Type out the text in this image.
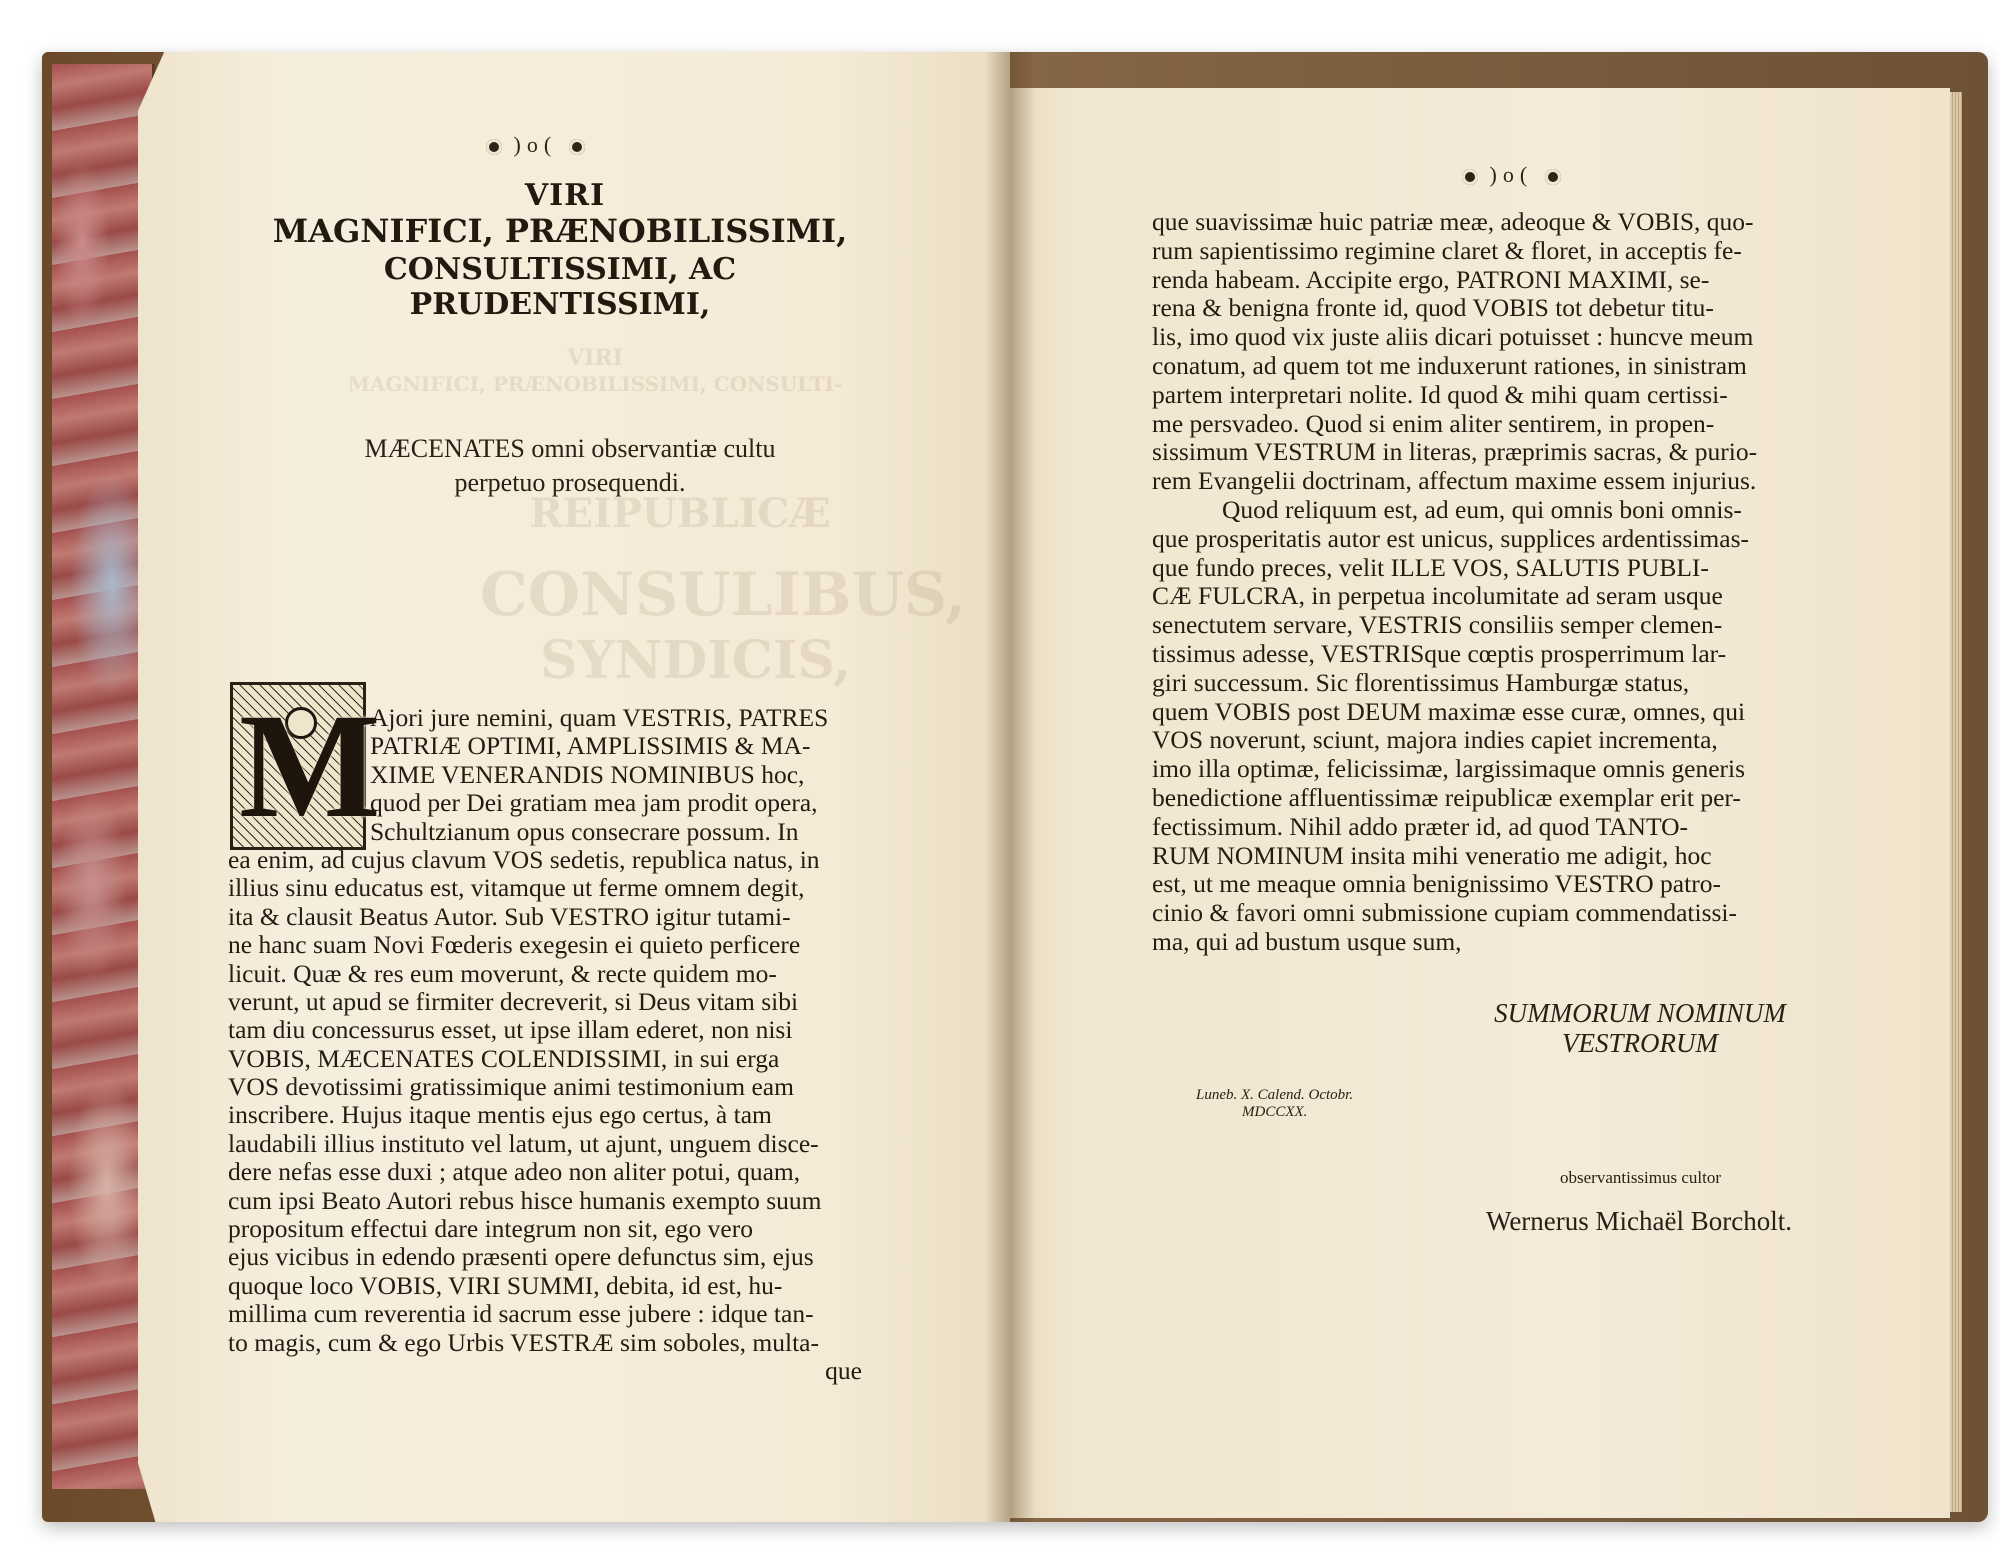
VIRI
MAGNIFICI, PRÆNOBILISSIMI, CONSULTI-
REIPUBLICÆ
CONSULIBUS,
SYNDICIS,
)o(
VIRI
MAGNIFICI, PRÆNOBILISSIMI,
CONSULTISSIMI, AC PRUDENTISSIMI,
MÆCENATES omni observantiæ cultu
perpetuo prosequendi.
M
Ajori jure nemini, quam VESTRIS, PATRES
PATRIÆ OPTIMI, AMPLISSIMIS & MA-
XIME VENERANDIS NOMINIBUS hoc,
quod per Dei gratiam mea jam prodit opera,
Schultzianum opus consecrare possum. In
ea enim, ad cujus clavum VOS sedetis, republica natus, in
illius sinu educatus est, vitamque ut ferme omnem degit,
ita & clausit Beatus Autor. Sub VESTRO igitur tutami-
ne hanc suam Novi Fœderis exegesin ei quieto perficere
licuit. Quæ & res eum moverunt, & recte quidem mo-
verunt, ut apud se firmiter decreverit, si Deus vitam sibi
tam diu concessurus esset, ut ipse illam ederet, non nisi
VOBIS, MÆCENATES COLENDISSIMI, in sui erga
VOS devotissimi gratissimique animi testimonium eam
inscribere. Hujus itaque mentis ejus ego certus, à tam
laudabili illius instituto vel latum, ut ajunt, unguem disce-
dere nefas esse duxi ; atque adeo non aliter potui, quam,
cum ipsi Beato Autori rebus hisce humanis exempto suum
propositum effectui dare integrum non sit, ego vero
ejus vicibus in edendo præsenti opere defunctus sim, ejus
quoque loco VOBIS, VIRI SUMMI, debita, id est, hu-
millima cum reverentia id sacrum esse jubere : idque tan-
to magis, cum & ego Urbis VESTRÆ sim soboles, multa-
que
)o(
que suavissimæ huic patriæ meæ, adeoque & VOBIS, quo-
rum sapientissimo regimine claret & floret, in acceptis fe-
renda habeam. Accipite ergo, PATRONI MAXIMI, se-
rena & benigna fronte id, quod VOBIS tot debetur titu-
lis, imo quod vix juste aliis dicari potuisset : huncve meum
conatum, ad quem tot me induxerunt rationes, in sinistram
partem interpretari nolite. Id quod & mihi quam certissi-
me persvadeo. Quod si enim aliter sentirem, in propen-
sissimum VESTRUM in literas, præprimis sacras, & purio-
rem Evangelii doctrinam, affectum maxime essem injurius.
Quod reliquum est, ad eum, qui omnis boni omnis-
que prosperitatis autor est unicus, supplices ardentissimas-
que fundo preces, velit ILLE VOS, SALUTIS PUBLI-
CÆ FULCRA, in perpetua incolumitate ad seram usque
senectutem servare, VESTRIS consiliis semper clemen-
tissimus adesse, VESTRISque cœptis prosperrimum lar-
giri successum. Sic florentissimus Hamburgæ status,
quem VOBIS post DEUM maximæ esse curæ, omnes, qui
VOS noverunt, sciunt, majora indies capiet incrementa,
imo illa optimæ, felicissimæ, largissimaque omnis generis
benedictione affluentissimæ reipublicæ exemplar erit per-
fectissimum. Nihil addo præter id, ad quod TANTO-
RUM NOMINUM insita mihi veneratio me adigit, hoc
est, ut me meaque omnia benignissimo VESTRO patro-
cinio & favori omni submissione cupiam commendatissi-
ma, qui ad bustum usque sum,
SUMMORUM NOMINUM
VESTRORUM
Luneb. X. Calend. Octobr.
MDCCXX.
observantissimus cultor
Wernerus Michaël Borcholt.
